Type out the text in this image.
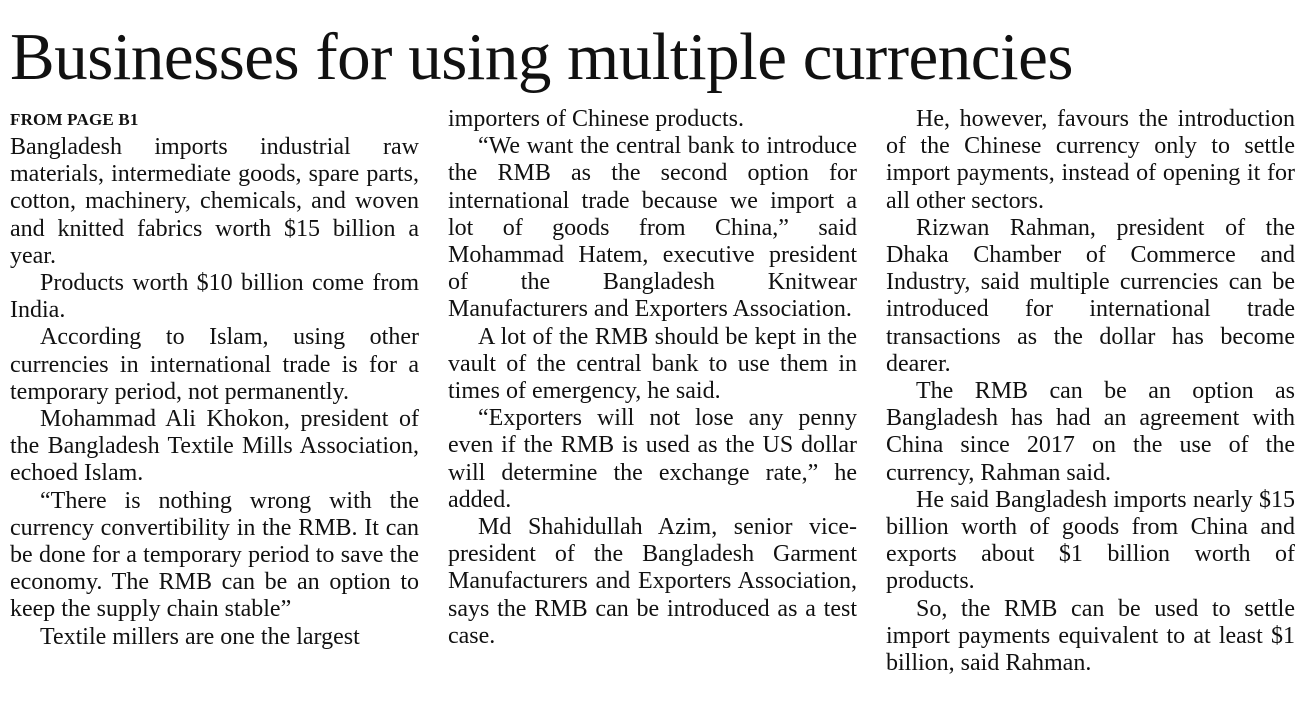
Businesses for using multiple currencies
FROM PAGE B1

Bangladesh imports industrial raw materials, intermediate goods, spare parts, cotton, machinery, chemicals, and woven and knitted fabrics worth $15 billion a year.

Products worth $10 billion come from India.

According to Islam, using other currencies in international trade is for a temporary period, not permanently.

Mohammad Ali Khokon, president of the Bangladesh Textile Mills Association, echoed Islam.

“There is nothing wrong with the currency convertibility in the RMB. It can be done for a temporary period to save the economy. The RMB can be an option to keep the supply chain stable”

Textile millers are one the largest

importers of Chinese products.

“We want the central bank to introduce the RMB as the second option for international trade because we import a lot of goods from China,” said Mohammad Hatem, executive president of the Bangladesh Knitwear Manufacturers and Exporters Association.

A lot of the RMB should be kept in the vault of the central bank to use them in times of emergency, he said.

“Exporters will not lose any penny even if the RMB is used as the US dollar will determine the exchange rate,” he added.

Md Shahidullah Azim, senior vice-president of the Bangladesh Garment Manufacturers and Exporters Association, says the RMB can be introduced as a test case.

He, however, favours the introduction of the Chinese currency only to settle import payments, instead of opening it for all other sectors.

Rizwan Rahman, president of the Dhaka Chamber of Commerce and Industry, said multiple currencies can be introduced for international trade transactions as the dollar has become dearer.

The RMB can be an option as Bangladesh has had an agreement with China since 2017 on the use of the currency, Rahman said.

He said Bangladesh imports nearly $15 billion worth of goods from China and exports about $1 billion worth of products.

So, the RMB can be used to settle import payments equivalent to at least $1 billion, said Rahman.
